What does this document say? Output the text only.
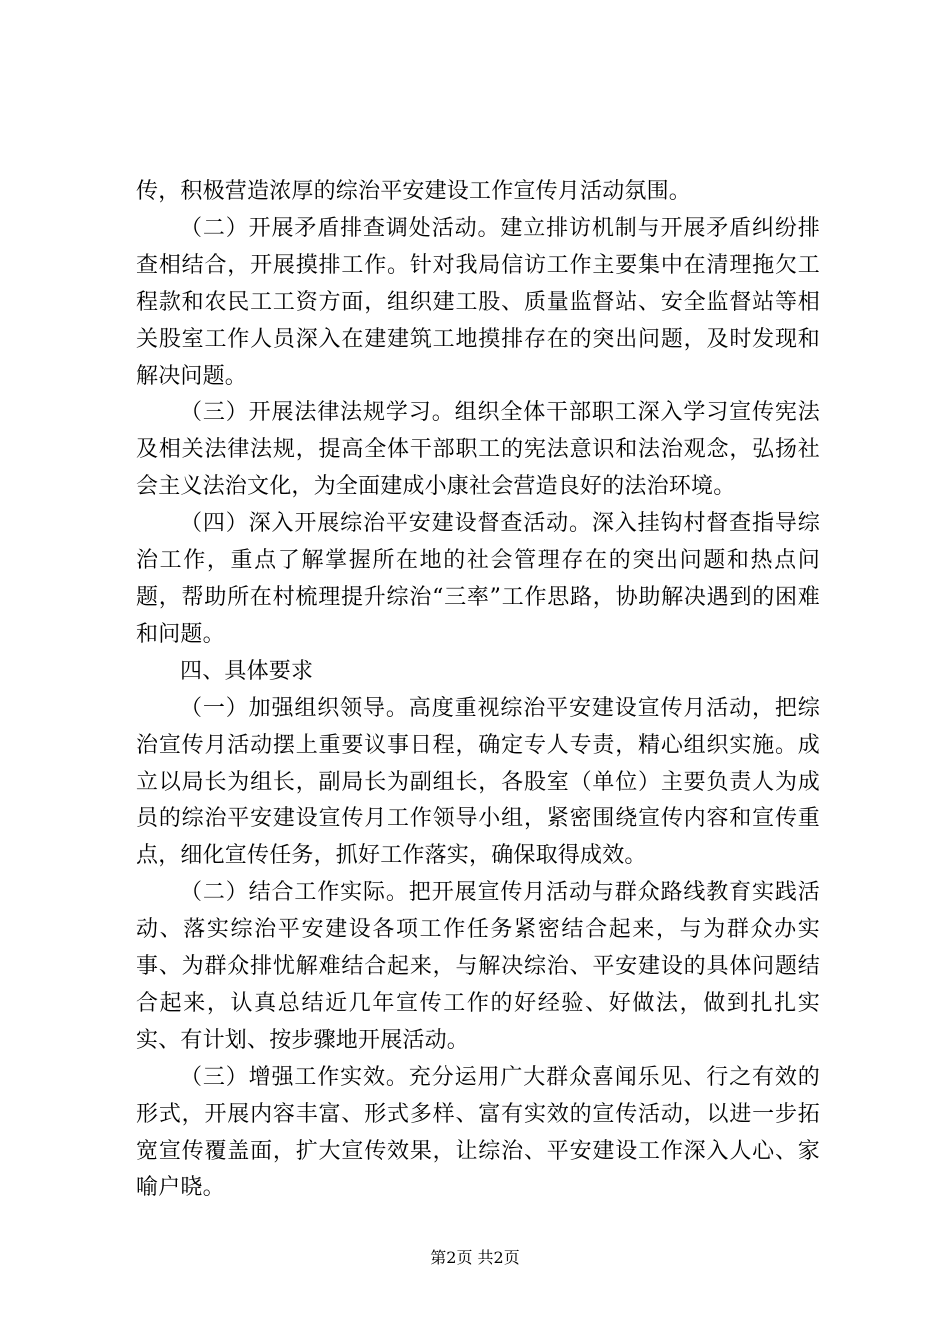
传，积极营造浓厚的综治平安建设工作宣传月活动氛围。

（二）开展矛盾排查调处活动。建立排访机制与开展矛盾纠纷排查相结合，开展摸排工作。针对我局信访工作主要集中在清理拖欠工程款和农民工工资方面，组织建工股、质量监督站、安全监督站等相关股室工作人员深入在建建筑工地摸排存在的突出问题，及时发现和解决问题。

（三）开展法律法规学习。组织全体干部职工深入学习宣传宪法及相关法律法规，提高全体干部职工的宪法意识和法治观念，弘扬社会主义法治文化，为全面建成小康社会营造良好的法治环境。

（四）深入开展综治平安建设督查活动。深入挂钩村督查指导综治工作，重点了解掌握所在地的社会管理存在的突出问题和热点问题，帮助所在村梳理提升综治“三率”工作思路，协助解决遇到的困难和问题。

四、具体要求

（一）加强组织领导。高度重视综治平安建设宣传月活动，把综治宣传月活动摆上重要议事日程，确定专人专责，精心组织实施。成立以局长为组长，副局长为副组长，各股室（单位）主要负责人为成员的综治平安建设宣传月工作领导小组，紧密围绕宣传内容和宣传重点，细化宣传任务，抓好工作落实，确保取得成效。

（二）结合工作实际。把开展宣传月活动与群众路线教育实践活动、落实综治平安建设各项工作任务紧密结合起来，与为群众办实事、为群众排忧解难结合起来，与解决综治、平安建设的具体问题结合起来，认真总结近几年宣传工作的好经验、好做法，做到扎扎实实、有计划、按步骤地开展活动。

（三）增强工作实效。充分运用广大群众喜闻乐见、行之有效的形式，开展内容丰富、形式多样、富有实效的宣传活动，以进一步拓宽宣传覆盖面，扩大宣传效果，让综治、平安建设工作深入人心、家喻户晓。

第2页 共2页
